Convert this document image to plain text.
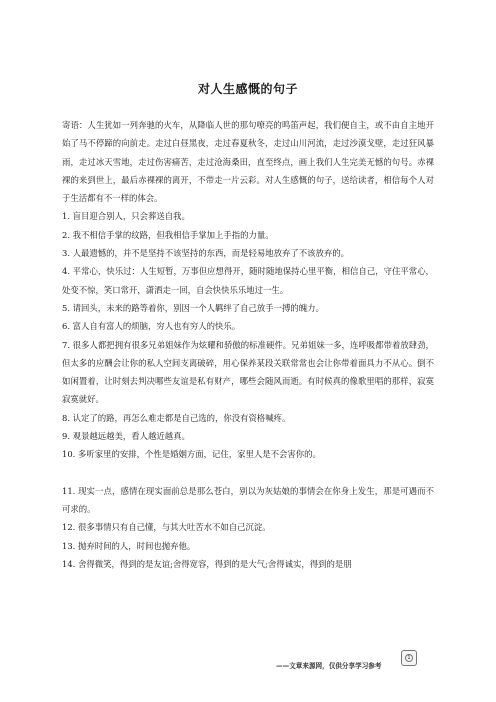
对人生感慨的句子

寄语：人生犹如一列奔驰的火车，从降临人世的那句嘹亮的鸣笛声起，我们便自主，或不由自主地开始了马不停蹄的向前走。走过白昼黑夜，走过春夏秋冬，走过山川河流，走过沙漠戈壁，走过狂风暴雨，走过冰天雪地，走过伤害痛苦，走过沧海桑田，直至终点，画上我们人生完美无憾的句号。赤裸裸的来到世上，最后赤裸裸的离开，不带走一片云彩。对人生感慨的句子，送给读者，相信每个人对于生活都有不一样的体会。

1. 盲目迎合别人，只会葬送自我。

2. 我不相信手掌的纹路，但我相信手掌加上手指的力量。

3. 人最遗憾的，并不是坚持不该坚持的东西，而是轻易地放弃了不该放弃的。

4. 平常心，快乐过：人生短暂，万事但应想得开，随时随地保持心里平衡，相信自己，守住平常心，处变不惊，笑口常开，潇洒走一回，自会快快乐乐地过一生。

5. 请回头，未来的路等着你，别因一个人羁绊了自己放手一搏的魄力。

6. 富人自有富人的烦脑，穷人也有穷人的快乐。

7. 很多人都把拥有很多兄弟姐妹作为炫耀和骄傲的标准硬件。兄弟姐妹一多，连呼吸都带着放肆劲，但太多的应酬会让你的私人空间支离破碎，用心保养某段关联常常也会让你带着面具力不从心。倒不如闲置着，让时刻去判决哪些友谊是私有财产，哪些会随风而逝。有时候真的像歌里唱的那样，寂寞寂寞就好。

8. 认定了的路，再怎么难走都是自己选的，你没有资格喊疼。

9. 观景越远越美，看人越近越真。

10. 多听家里的安排，个性是婚姻方面，记住，家里人是不会害你的。

11. 现实一点，感情在现实面前总是那么苍白，别以为灰姑娘的事情会在你身上发生，那是可遇而不可求的。

12. 很多事情只有自己懂，与其大吐苦水不如自己沉淀。

13. 抛弃时间的人，时间也抛弃他。

14. 舍得微笑，得到的是友谊;舍得宽容，得到的是大气;舍得诚实，得到的是朋

1
——文章来源网，仅供分享学习参考
